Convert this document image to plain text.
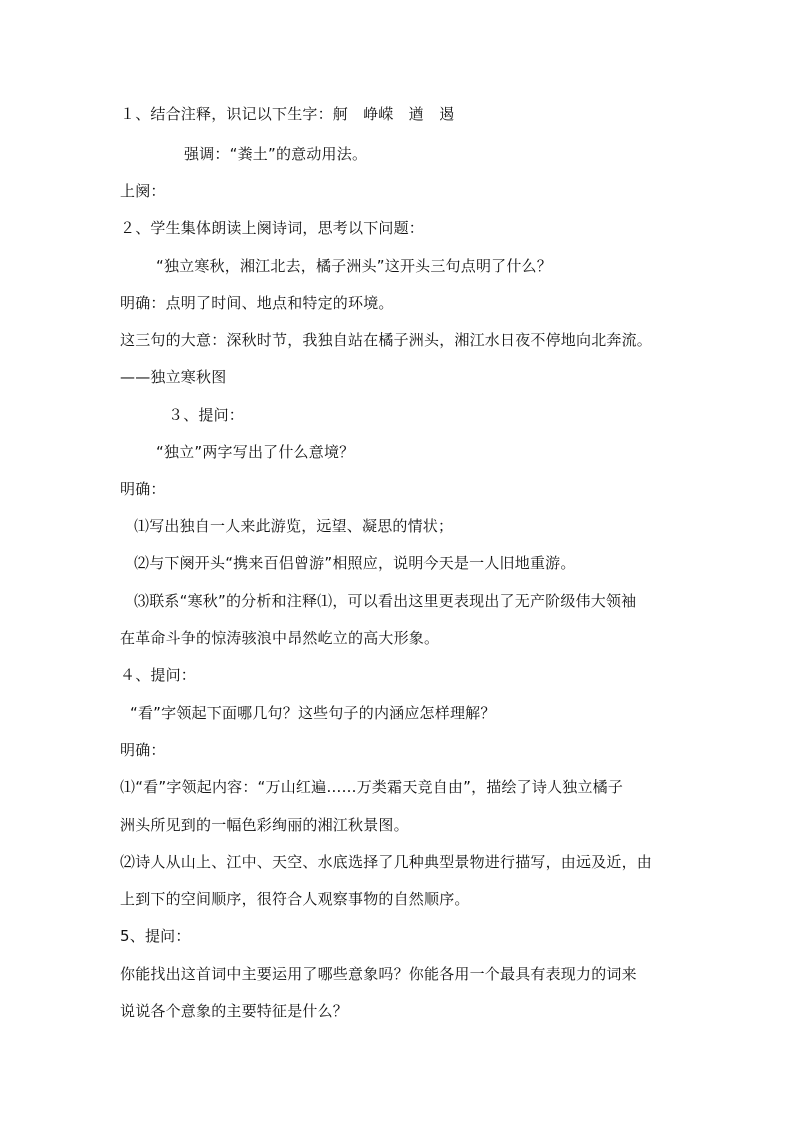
１、结合注释，识记以下生字：舸　峥嵘　遒　遏
强调：“粪土”的意动用法。
上阕：
２、学生集体朗读上阕诗词，思考以下问题：
“独立寒秋，湘江北去，橘子洲头”这开头三句点明了什么？
明确：点明了时间、地点和特定的环境。
这三句的大意：深秋时节，我独自站在橘子洲头，湘江水日夜不停地向北奔流。
——独立寒秋图
３、提问：
“独立”两字写出了什么意境？
明确：
⑴写出独自一人来此游览，远望、凝思的情状；
⑵与下阕开头“携来百侣曾游”相照应，说明今天是一人旧地重游。
⑶联系“寒秋”的分析和注释⑴，可以看出这里更表现出了无产阶级伟大领袖
在革命斗争的惊涛骇浪中昂然屹立的高大形象。
４、提问：
“看”字领起下面哪几句？这些句子的内涵应怎样理解？
明确：
⑴“看”字领起内容：“万山红遍……万类霜天竞自由”，描绘了诗人独立橘子
洲头所见到的一幅色彩绚丽的湘江秋景图。
⑵诗人从山上、江中、天空、水底选择了几种典型景物进行描写，由远及近，由
上到下的空间顺序，很符合人观察事物的自然顺序。
5、提问：
你能找出这首词中主要运用了哪些意象吗？你能各用一个最具有表现力的词来
说说各个意象的主要特征是什么？
